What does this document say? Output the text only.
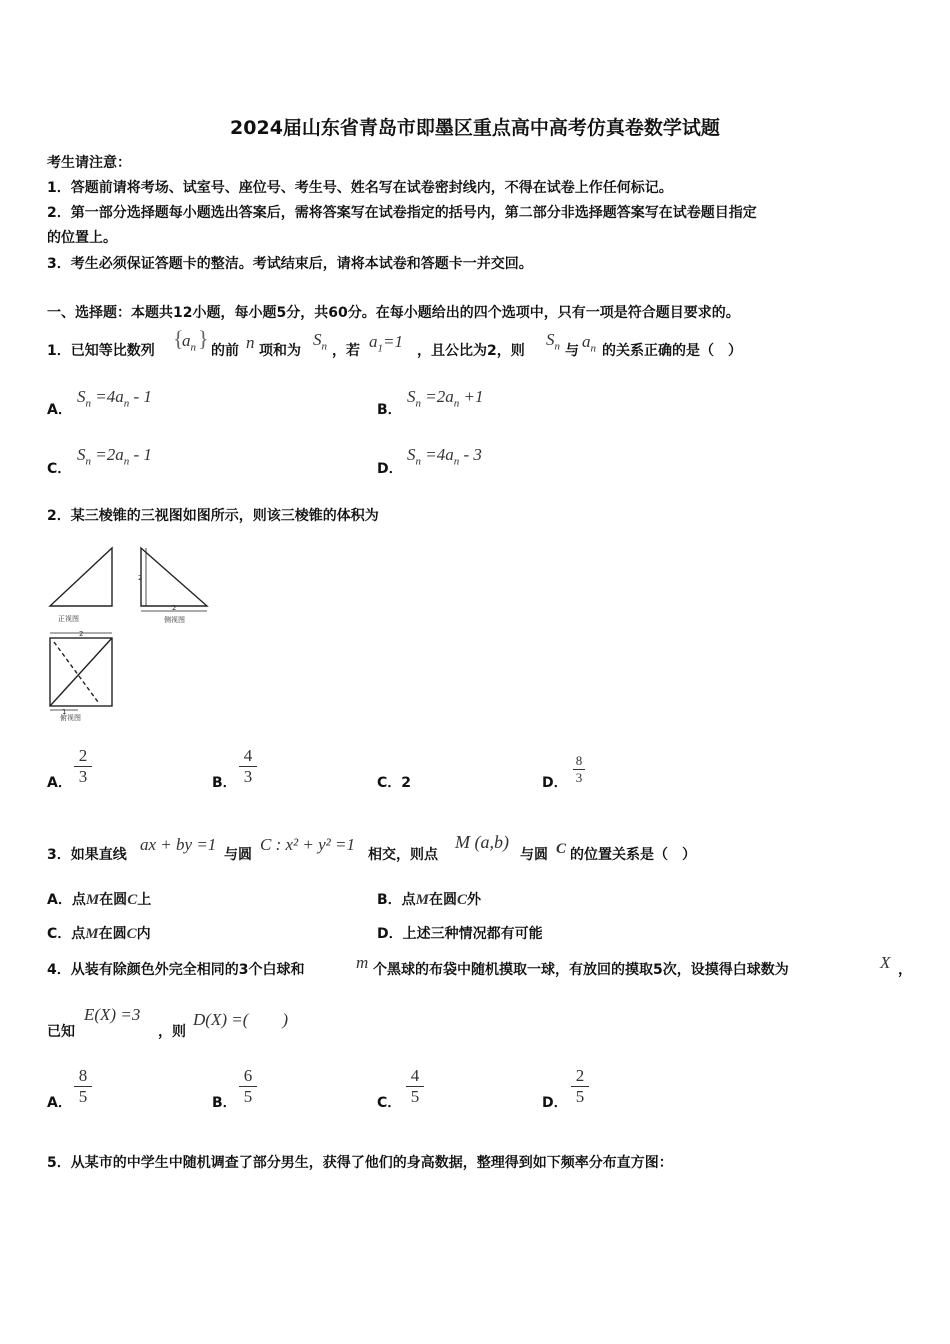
2024届山东省青岛市即墨区重点高中高考仿真卷数学试题
考生请注意：
1．答题前请将考场、试室号、座位号、考生号、姓名写在试卷密封线内，不得在试卷上作任何标记。
2．第一部分选择题每小题选出答案后，需将答案写在试卷指定的括号内，第二部分非选择题答案写在试卷题目指定
的位置上。
3．考生必须保证答题卡的整洁。考试结束后，请将本试卷和答题卡一并交回。
一、选择题：本题共12小题，每小题5分，共60分。在每小题给出的四个选项中，只有一项是符合题目要求的。
1．已知等比数列 {
$a_n$ } 的前 n 项和为
$S_n$ ，若 $a_1=1$ ，且公比为2，则
$S_n$ 与 $a_n$ 的关系正确的是（　）
A．
$S_n =4a_n - 1$
B．
$S_n =2a_n +1$
C．
$S_n =2a_n - 1$
D．
$S_n =4a_n - 3$
2．某三棱锥的三视图如图所示，则该三棱锥的体积为
正视图	侧视图
俯视图
2
2
2
1
A． $\frac{2}{3}$	B． $\frac{4}{3}$	C．2	D． $\frac{8}{3}$
3．如果直线
ax + by =1
与圆
C : x² + y² =1
相交，则点
M (a,b)
与圆 C 的位置关系是（　）
A．点M在圆C上	B．点M在圆C外
C．点M在圆C内	D．上述三种情况都有可能
4．从装有除颜色外完全相同的3个白球和	m 个黑球的布袋中随机摸取一球，有放回的摸取5次，设摸得白球数为	X ，
已知
E(X) =3
，则
D(X) =(　　)
A． $\frac{8}{5}$	B． $\frac{6}{5}$	C． $\frac{4}{5}$	D． $\frac{2}{5}$
5．从某市的中学生中随机调查了部分男生，获得了他们的身高数据，整理得到如下频率分布直方图：
